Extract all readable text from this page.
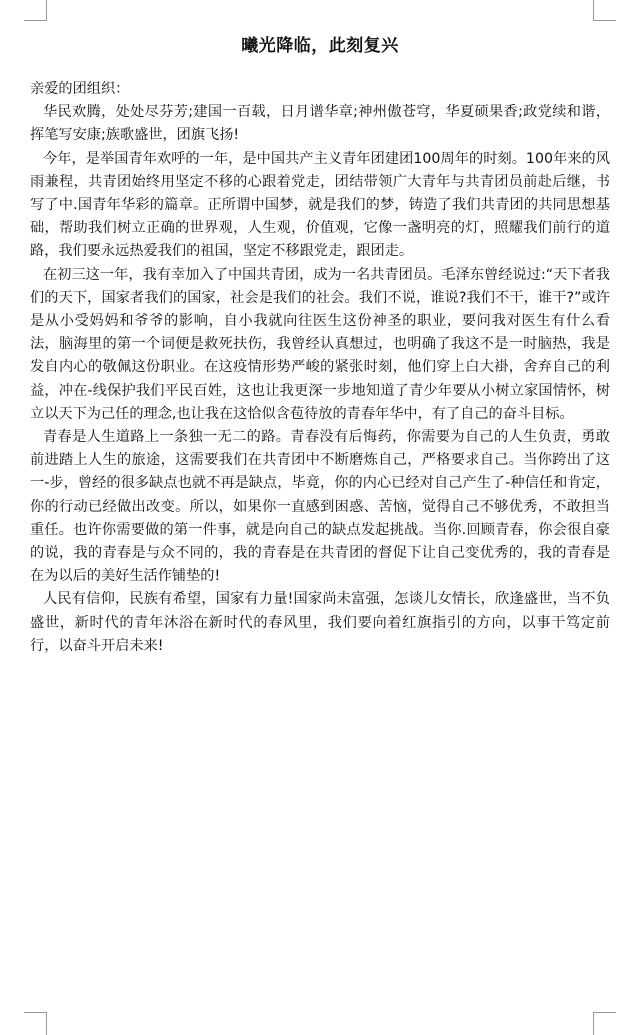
曦光降临，此刻复兴

亲爱的团组织：

华民欢腾，处处尽芬芳;建国一百载，日月谱华章;神州傲苍穹，华夏硕果香;政党续和谐，挥笔写安康;族歌盛世，团旗飞扬!

今年，是举国青年欢呼的一年，是中国共产主义青年团建团100周年的时刻。100年来的风雨兼程，共青团始终用坚定不移的心跟着党走，团结带领广大青年与共青团员前赴后继，书写了中.国青年华彩的篇章。正所谓中国梦，就是我们的梦，铸造了我们共青团的共同思想基础，帮助我们树立正确的世界观，人生观，价值观，它像一盏明亮的灯，照耀我们前行的道路，我们要永远热爱我们的祖国，坚定不移跟党走，跟团走。

在初三这一年，我有幸加入了中国共青团，成为一名共青团员。毛泽东曾经说过:“天下者我们的天下，国家者我们的国家，社会是我们的社会。我们不说，谁说?我们不干，谁干?”或许是从小受妈妈和爷爷的影响，自小我就向往医生这份神圣的职业，要问我对医生有什么看法，脑海里的第一个词便是救死扶伤，我曾经认真想过，也明确了我这不是一时脑热，我是发自内心的敬佩这份职业。在这疫情形势严峻的紧张时刻，他们穿上白大褂，舍弃自己的利益，冲在-线保护我们平民百姓，这也让我更深一步地知道了青少年要从小树立家国情怀，树立以天下为己任的理念,也让我在这恰似含苞待放的青春年华中，有了自己的奋斗目标。

青春是人生道路上一条独一无二的路。青春没有后悔药，你需要为自己的人生负责，勇敢前进踏上人生的旅途，这需要我们在共青团中不断磨炼自己，严格要求自己。当你跨出了这一-步，曾经的很多缺点也就不再是缺点，毕竟，你的内心已经对自己产生了-种信任和肯定，你的行动已经做出改变。所以，如果你一直感到困惑、苦恼，觉得自己不够优秀，不敢担当重任。也许你需要做的第一件事，就是向自己的缺点发起挑战。当你.回顾青春，你会很自豪的说，我的青春是与众不同的，我的青春是在共青团的督促下让自己变优秀的，我的青春是在为以后的美好生活作铺垫的!

人民有信仰，民族有希望，国家有力量!国家尚未富强，怎谈儿女情长，欣逢盛世，当不负盛世，新时代的青年沐浴在新时代的春风里，我们要向着红旗指引的方向，以事干笃定前行，以奋斗开启未来!
